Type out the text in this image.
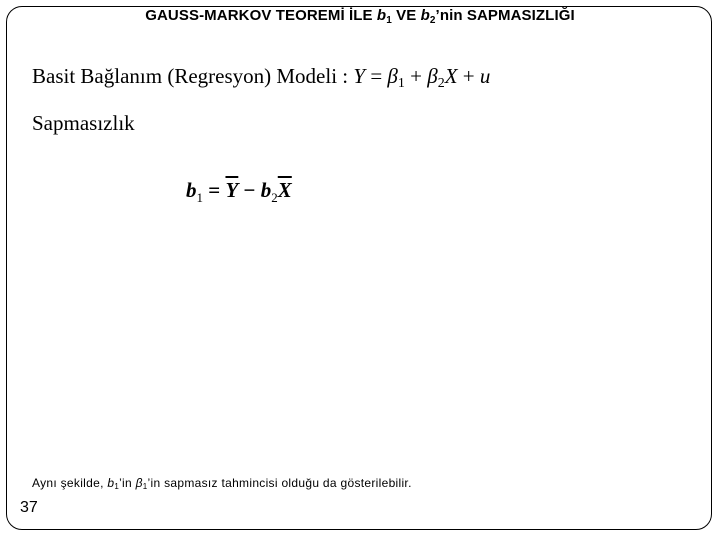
GAUSS-MARKOV TEOREMİ İLE $b_1$ VE $b_2’nin$ SAPMASIZLIĞI
Basit Bağlanım (Regresyon) Modeli : $Y = \beta_1 + \beta_2X + u$
Sapmasızlık
$b_1 = \overline{Y} - b_2\overline{X}$
Aynı şekilde, $b_1’in$ $\beta_1’in$ sapmasız tahmincisi olduğu da gösterilebilir.
37
